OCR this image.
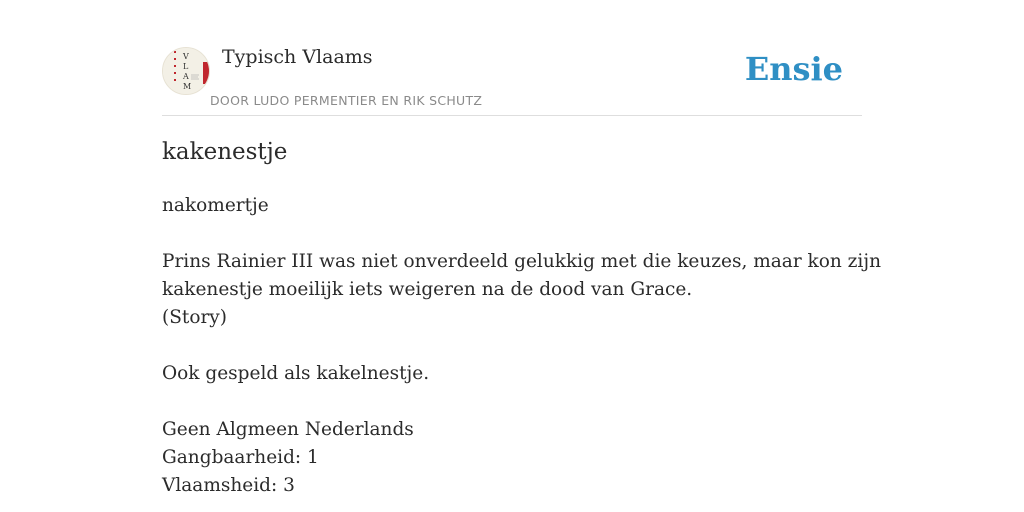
V
L
A
M
Typisch Vlaams
DOOR LUDO PERMENTIER EN RIK SCHUTZ
Ensie
kakenestje
nakomertje
Prins Rainier III was niet onverdeeld gelukkig met die keuzes, maar kon zijn
kakenestje moeilijk iets weigeren na de dood van Grace.
(Story)
Ook gespeld als kakelnestje.
Geen Algmeen Nederlands
Gangbaarheid: 1
Vlaamsheid: 3
